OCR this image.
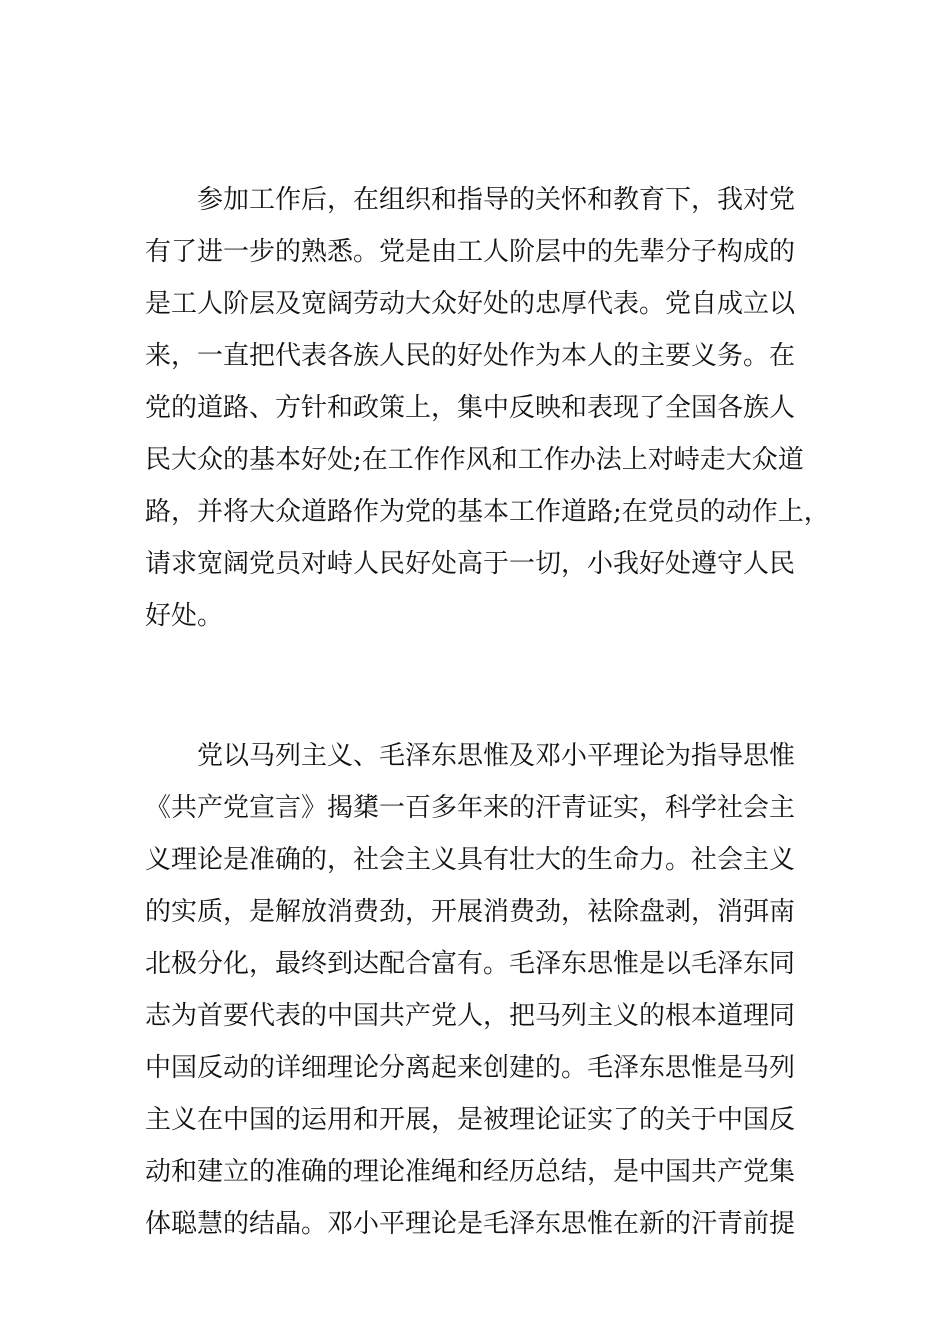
参加工作后，在组织和指导的关怀和教育下，我对党
有了进一步的熟悉。党是由工人阶层中的先辈分子构成的
是工人阶层及宽阔劳动大众好处的忠厚代表。党自成立以
来，一直把代表各族人民的好处作为本人的主要义务。在
党的道路、方针和政策上，集中反映和表现了全国各族人
民大众的基本好处;在工作作风和工作办法上对峙走大众道
路，并将大众道路作为党的基本工作道路;在党员的动作上，
请求宽阔党员对峙人民好处高于一切，小我好处遵守人民
好处。
党以马列主义、毛泽东思惟及邓小平理论为指导思惟
《共产党宣言》揭橥一百多年来的汗青证实，科学社会主
义理论是准确的，社会主义具有壮大的生命力。社会主义
的实质，是解放消费劲，开展消费劲，袪除盘剥，消弭南
北极分化，最终到达配合富有。毛泽东思惟是以毛泽东同
志为首要代表的中国共产党人，把马列主义的根本道理同
中国反动的详细理论分离起来创建的。毛泽东思惟是马列
主义在中国的运用和开展，是被理论证实了的关于中国反
动和建立的准确的理论准绳和经历总结，是中国共产党集
体聪慧的结晶。邓小平理论是毛泽东思惟在新的汗青前提
